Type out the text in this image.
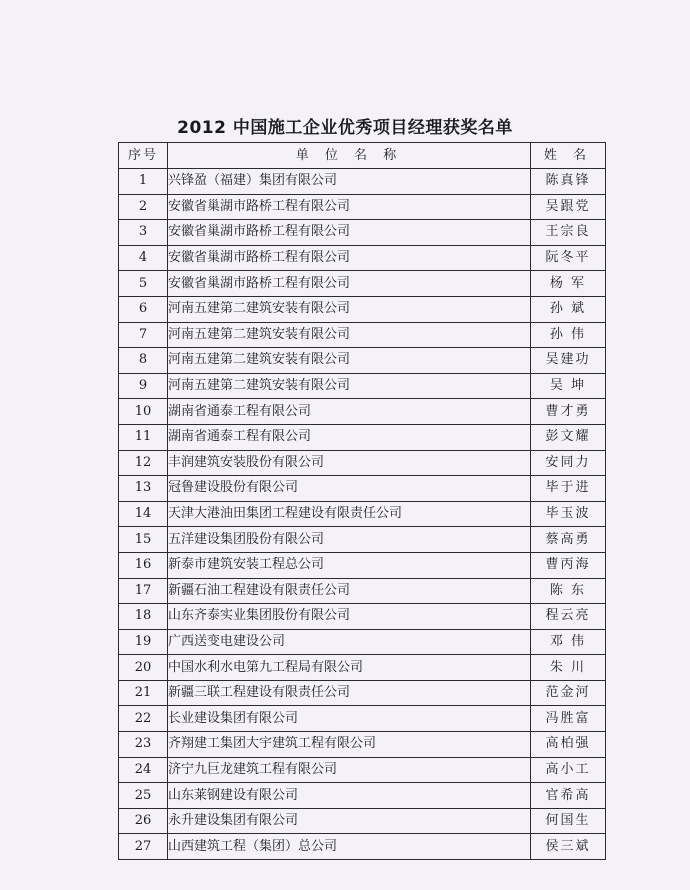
2012 中国施工企业优秀项目经理获奖名单
序号	单 位 名 称	姓 名
1	兴锋盈（福建）集团有限公司	陈真锋
2	安徽省巢湖市路桥工程有限公司	吴跟党
3	安徽省巢湖市路桥工程有限公司	王宗良
4	安徽省巢湖市路桥工程有限公司	阮冬平
5	安徽省巢湖市路桥工程有限公司	杨 军
6	河南五建第二建筑安装有限公司	孙 斌
7	河南五建第二建筑安装有限公司	孙 伟
8	河南五建第二建筑安装有限公司	吴建功
9	河南五建第二建筑安装有限公司	吴 坤
10	湖南省通泰工程有限公司	曹才勇
11	湖南省通泰工程有限公司	彭文耀
12	丰润建筑安装股份有限公司	安同力
13	冠鲁建设股份有限公司	毕于进
14	天津大港油田集团工程建设有限责任公司	毕玉波
15	五洋建设集团股份有限公司	蔡高勇
16	新泰市建筑安装工程总公司	曹丙海
17	新疆石油工程建设有限责任公司	陈 东
18	山东齐泰实业集团股份有限公司	程云亮
19	广西送变电建设公司	邓 伟
20	中国水利水电第九工程局有限公司	朱 川
21	新疆三联工程建设有限责任公司	范金河
22	长业建设集团有限公司	冯胜富
23	齐翔建工集团大宇建筑工程有限公司	高柏强
24	济宁九巨龙建筑工程有限公司	高小工
25	山东莱钢建设有限公司	官希高
26	永升建设集团有限公司	何国生
27	山西建筑工程（集团）总公司	侯三斌
